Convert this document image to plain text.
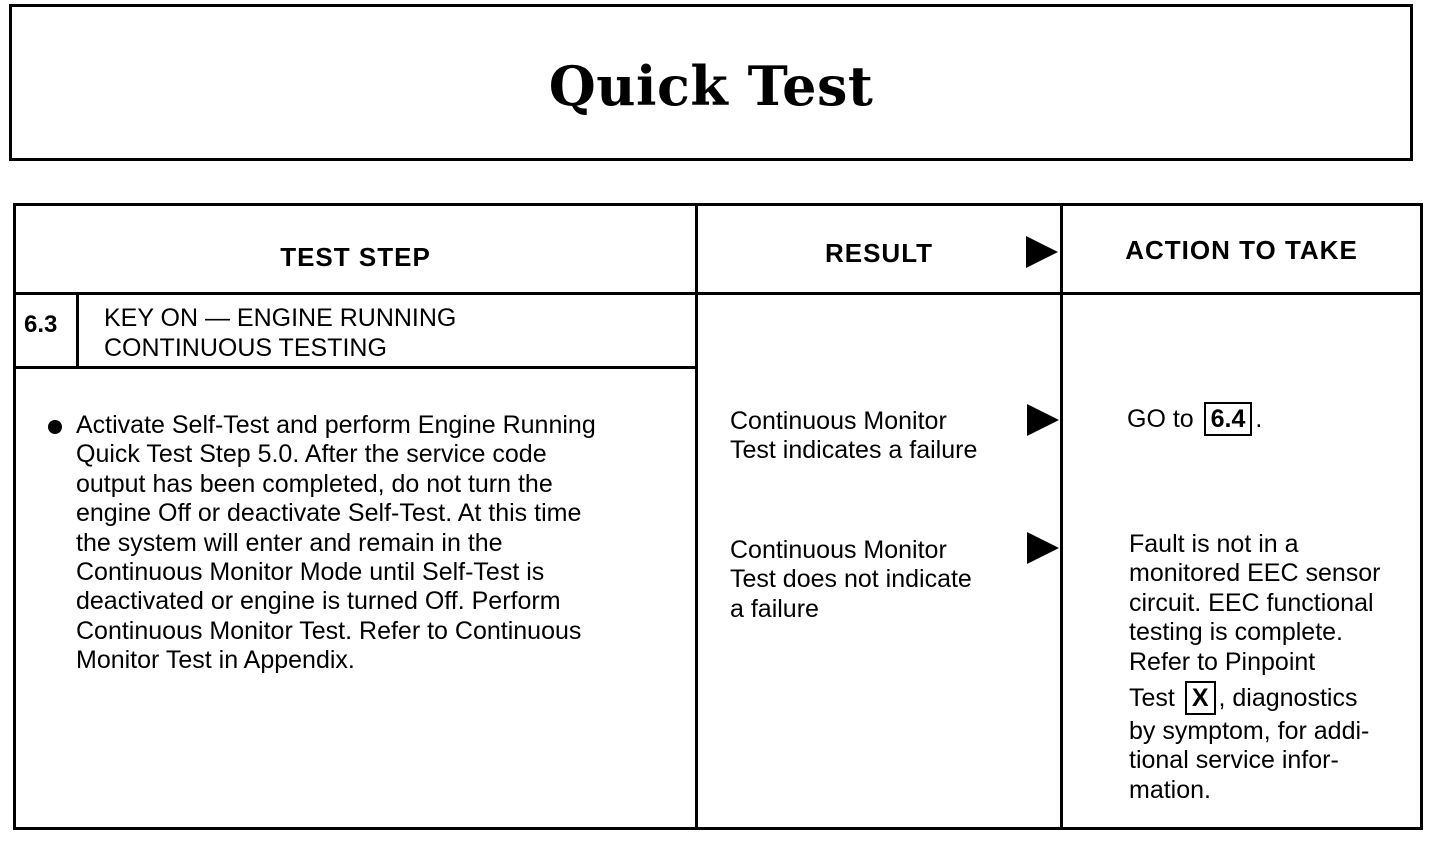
Quick Test
TEST STEP	RESULT	ACTION TO TAKE
6.3 KEY ON — ENGINE RUNNING
CONTINUOUS TESTING
Activate Self-Test and perform Engine Running
Quick Test Step 5.0. After the service code
output has been completed, do not turn the
engine Off or deactivate Self-Test. At this time
the system will enter and remain in the
Continuous Monitor Mode until Self-Test is
deactivated or engine is turned Off. Perform
Continuous Monitor Test. Refer to Continuous
Monitor Test in Appendix.
Continuous Monitor
Test indicates a failure
Continuous Monitor
Test does not indicate
a failure
GO to 6.4 .
Fault is not in a
monitored EEC sensor
circuit. EEC functional
testing is complete.
Refer to Pinpoint
Test X , diagnostics
by symptom, for addi-
tional service infor-
mation.
